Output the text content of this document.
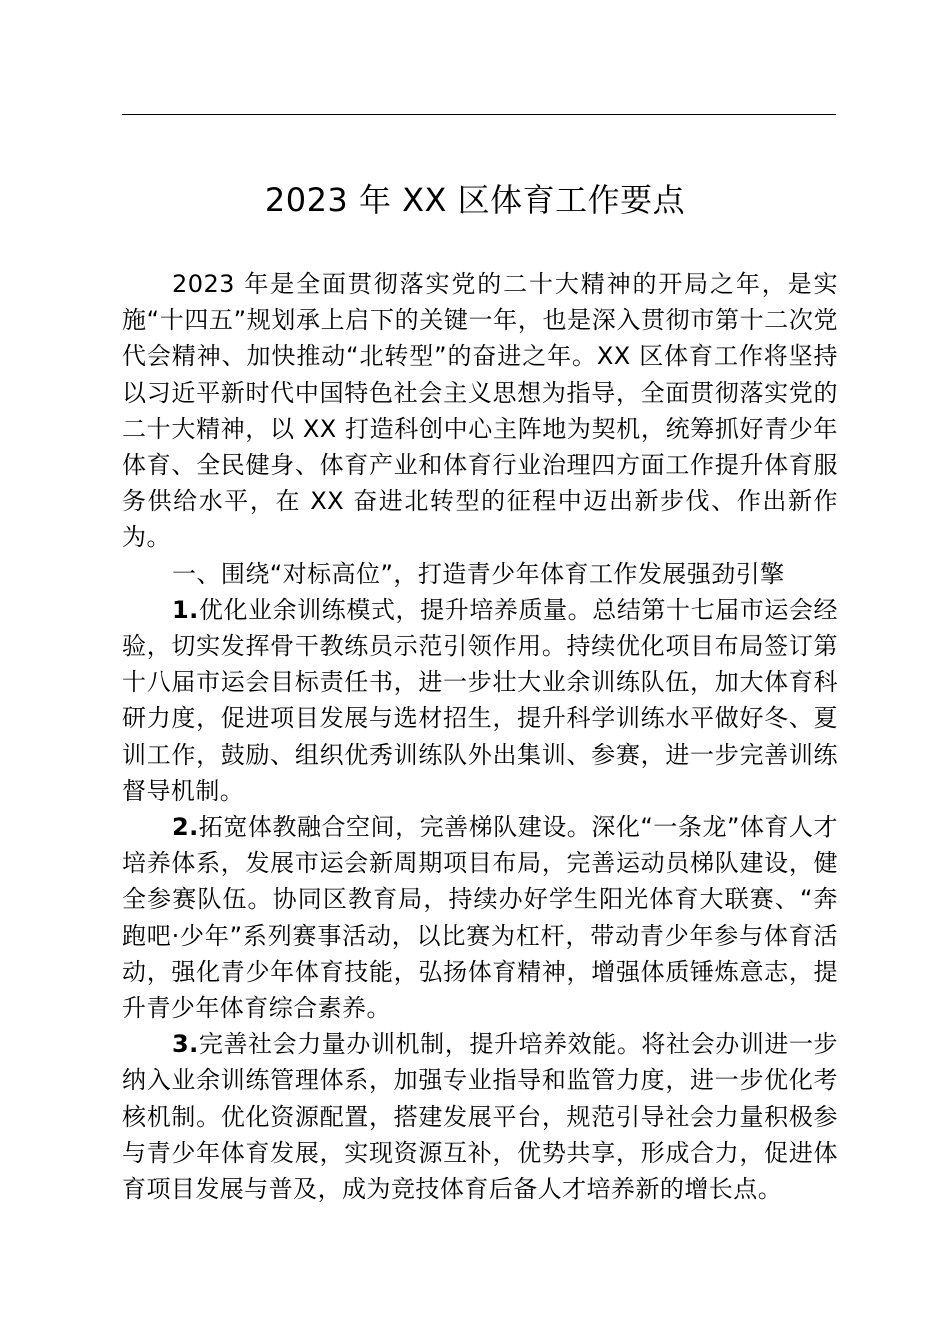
2023 年 XX 区体育工作要点

2023 年是全面贯彻落实党的二十大精神的开局之年，是实施“十四五”规划承上启下的关键一年，也是深入贯彻市第十二次党代会精神、加快推动“北转型”的奋进之年。XX 区体育工作将坚持以习近平新时代中国特色社会主义思想为指导，全面贯彻落实党的二十大精神，以 XX 打造科创中心主阵地为契机，统筹抓好青少年体育、全民健身、体育产业和体育行业治理四方面工作提升体育服务供给水平，在 XX 奋进北转型的征程中迈出新步伐、作出新作为。

一、围绕“对标高位”，打造青少年体育工作发展强劲引擎

1.优化业余训练模式，提升培养质量。总结第十七届市运会经验，切实发挥骨干教练员示范引领作用。持续优化项目布局签订第十八届市运会目标责任书，进一步壮大业余训练队伍，加大体育科研力度，促进项目发展与选材招生，提升科学训练水平做好冬、夏训工作，鼓励、组织优秀训练队外出集训、参赛，进一步完善训练督导机制。

2.拓宽体教融合空间，完善梯队建设。深化“一条龙”体育人才培养体系，发展市运会新周期项目布局，完善运动员梯队建设，健全参赛队伍。协同区教育局，持续办好学生阳光体育大联赛、“奔跑吧·少年”系列赛事活动，以比赛为杠杆，带动青少年参与体育活动，强化青少年体育技能，弘扬体育精神，增强体质锤炼意志，提升青少年体育综合素养。

3.完善社会力量办训机制，提升培养效能。将社会办训进一步纳入业余训练管理体系，加强专业指导和监管力度，进一步优化考核机制。优化资源配置，搭建发展平台，规范引导社会力量积极参与青少年体育发展，实现资源互补，优势共享，形成合力，促进体育项目发展与普及，成为竞技体育后备人才培养新的增长点。
